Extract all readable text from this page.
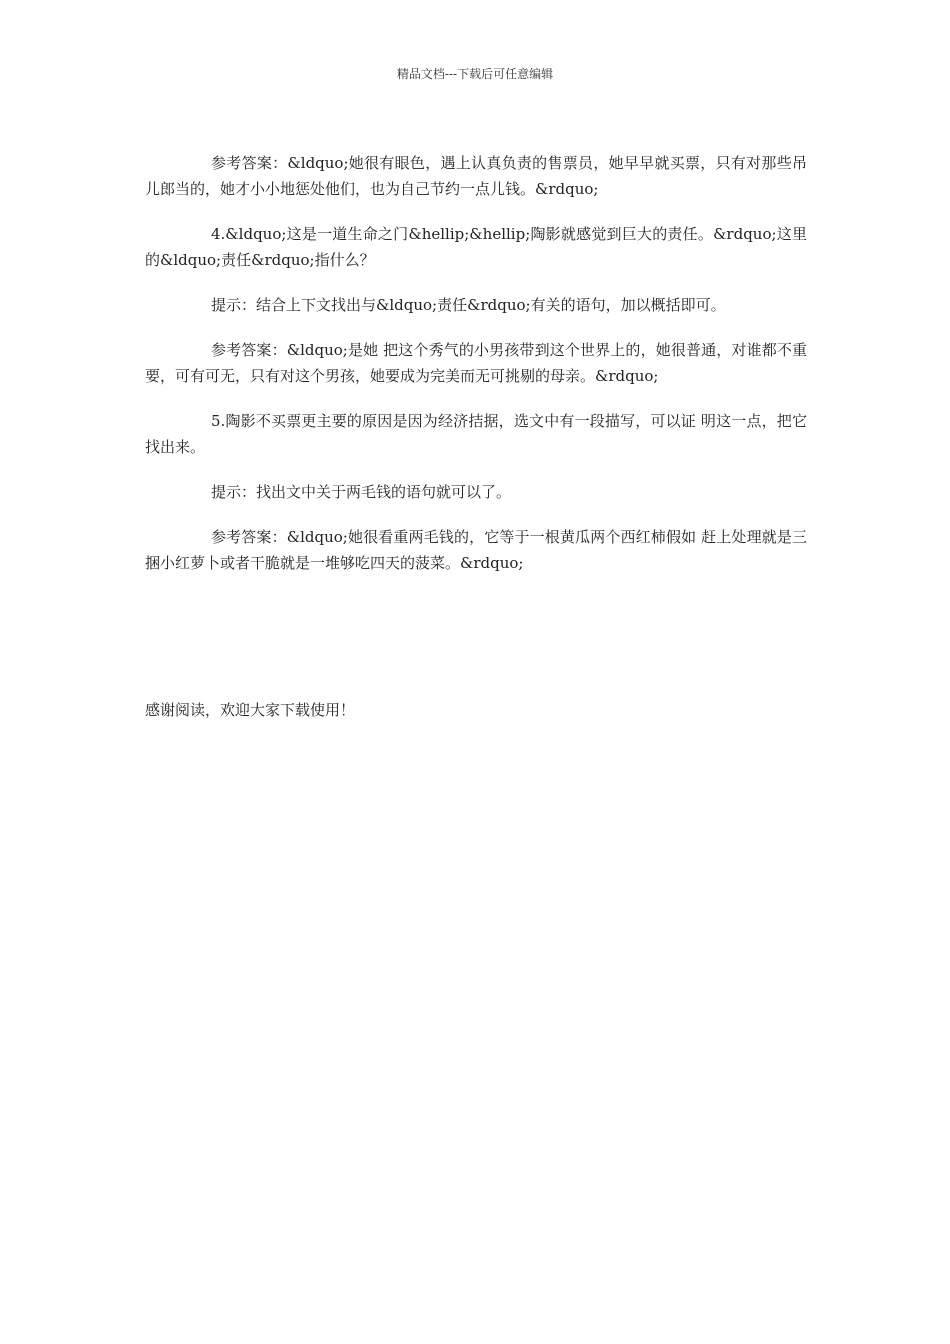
精品文档---下载后可任意编辑

参考答案：&ldquo;她很有眼色，遇上认真负责的售票员，她早早就买票，只有对那些吊儿郎当的，她才小小地惩处他们，也为自己节约一点儿钱。&rdquo;

4.&ldquo;这是一道生命之门&hellip;&hellip;陶影就感觉到巨大的责任。&rdquo;这里的&ldquo;责任&rdquo;指什么？

提示：结合上下文找出与&ldquo;责任&rdquo;有关的语句，加以概括即可。

参考答案：&ldquo;是她 把这个秀气的小男孩带到这个世界上的，她很普通，对谁都不重要，可有可无，只有对这个男孩，她要成为完美而无可挑剔的母亲。&rdquo;

5.陶影不买票更主要的原因是因为经济拮据，选文中有一段描写，可以证 明这一点，把它找出来。

提示：找出文中关于两毛钱的语句就可以了。

参考答案：&ldquo;她很看重两毛钱的，它等于一根黄瓜两个西红柿假如 赶上处理就是三捆小红萝卜或者干脆就是一堆够吃四天的菠菜。&rdquo;

感谢阅读，欢迎大家下载使用！
